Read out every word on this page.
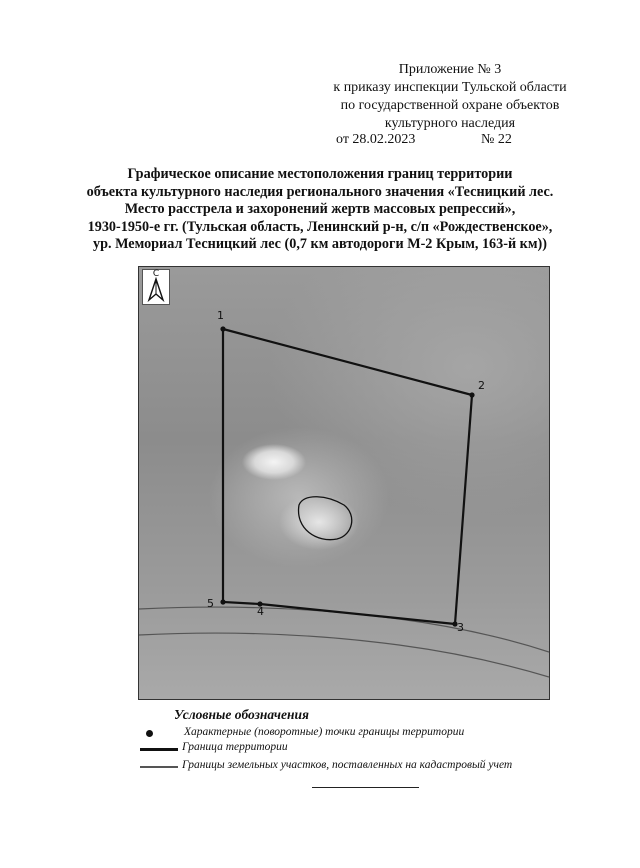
Приложение № 3

к приказу инспекции Тульской области

по государственной охране объектов

культурного наследия

от 28.02.2023	№ 22
Графическое описание местоположения границ территории
объекта культурного наследия регионального значения «Тесницкий лес.
Место расстрела и захоронений жертв массовых репрессий»,
1930-1950-е гг. (Тульская область, Ленинский р-н, с/п «Рождественское»,
ур. Мемориал Тесницкий лес (0,7 км автодороги М-2 Крым, 163-й км))
С
1
2
3
4
5
Условные обозначения
Характерные (поворотные) точки границы территории
Граница территории
Границы земельных участков, поставленных на кадастровый учет
